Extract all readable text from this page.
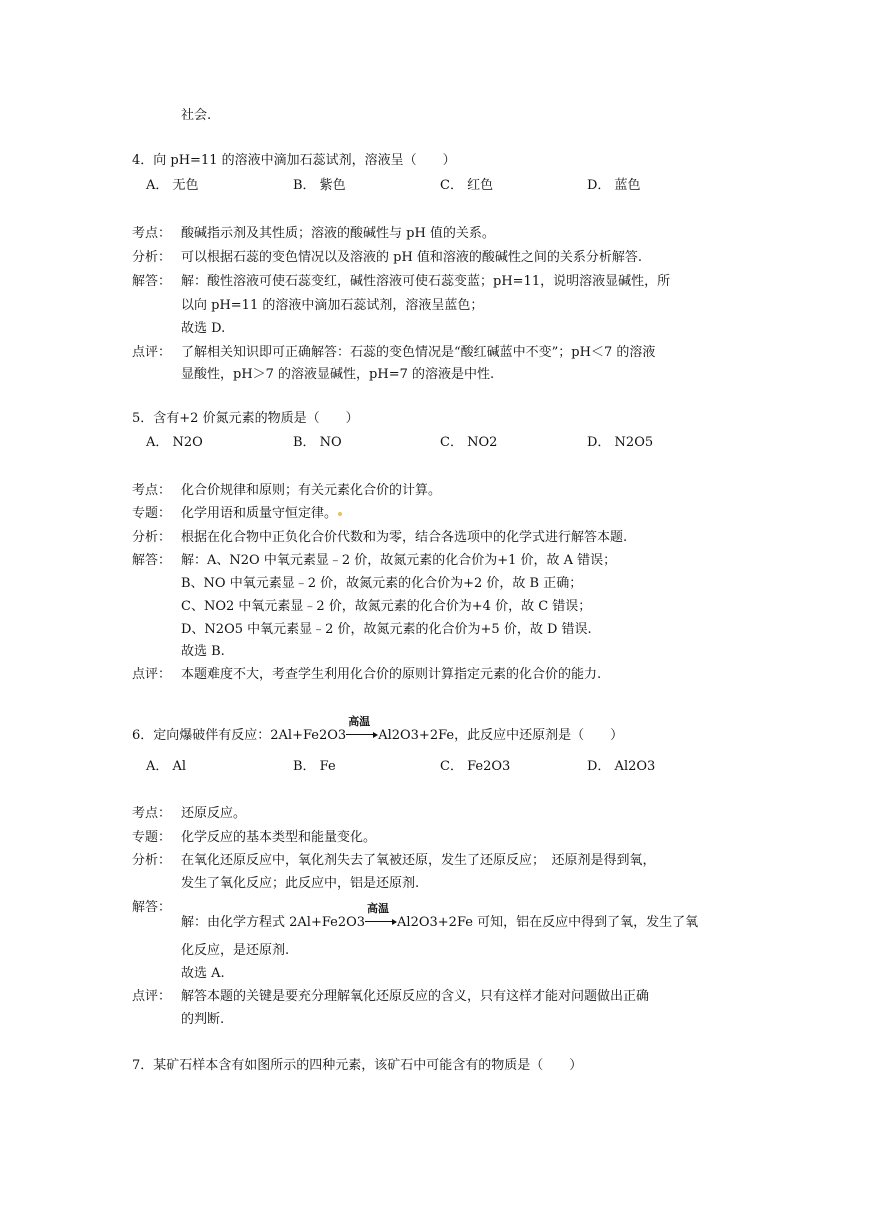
社会.
4．向 pH=11 的溶液中滴加石蕊试剂，溶液呈（　　）
A． 无色	B． 紫色	C． 红色	D． 蓝色
考点： 酸碱指示剂及其性质；溶液的酸碱性与 pH 值的关系。
分析： 可以根据石蕊的变色情况以及溶液的 pH 值和溶液的酸碱性之间的关系分析解答.
解答： 解：酸性溶液可使石蕊变红，碱性溶液可使石蕊变蓝；pH=11，说明溶液显碱性，所
以向 pH=11 的溶液中滴加石蕊试剂，溶液呈蓝色；
故选 D.
点评： 了解相关知识即可正确解答：石蕊的变色情况是“酸红碱蓝中不变”；pH＜7 的溶液
显酸性，pH＞7 的溶液显碱性，pH=7 的溶液是中性.
5．含有+2 价氮元素的物质是（　　）
A． N2O	B． NO	C． NO2	D． N2O5
考点： 化合价规律和原则；有关元素化合价的计算。
专题： 化学用语和质量守恒定律。
分析： 根据在化合物中正负化合价代数和为零，结合各选项中的化学式进行解答本题.
解答： 解：A、N2O 中氧元素显﹣2 价，故氮元素的化合价为+1 价，故 A 错误；
B、NO 中氧元素显﹣2 价，故氮元素的化合价为+2 价，故 B 正确；
C、NO2 中氧元素显﹣2 价，故氮元素的化合价为+4 价，故 C 错误；
D、N2O5 中氧元素显﹣2 价，故氮元素的化合价为+5 价，故 D 错误.
故选 B.
点评： 本题难度不大，考查学生利用化合价的原则计算指定元素的化合价的能力.
6．定向爆破伴有反应：2Al+Fe2O3
高温
Al2O3+2Fe，此反应中还原剂是（　　）
A． Al	B． Fe	C． Fe2O3	D． Al2O3
考点： 还原反应。
专题： 化学反应的基本类型和能量变化。
分析： 在氧化还原反应中，氧化剂失去了氧被还原，发生了还原反应；　还原剂是得到氧，
发生了氧化反应；此反应中，铝是还原剂.
解答：
解：由化学方程式 2Al+Fe2O3
高温
Al2O3+2Fe 可知，铝在反应中得到了氧，发生了氧
化反应，是还原剂.
故选 A.
点评： 解答本题的关键是要充分理解氧化还原反应的含义，只有这样才能对问题做出正确
的判断.
7．某矿石样本含有如图所示的四种元素，该矿石中可能含有的物质是（　　）
